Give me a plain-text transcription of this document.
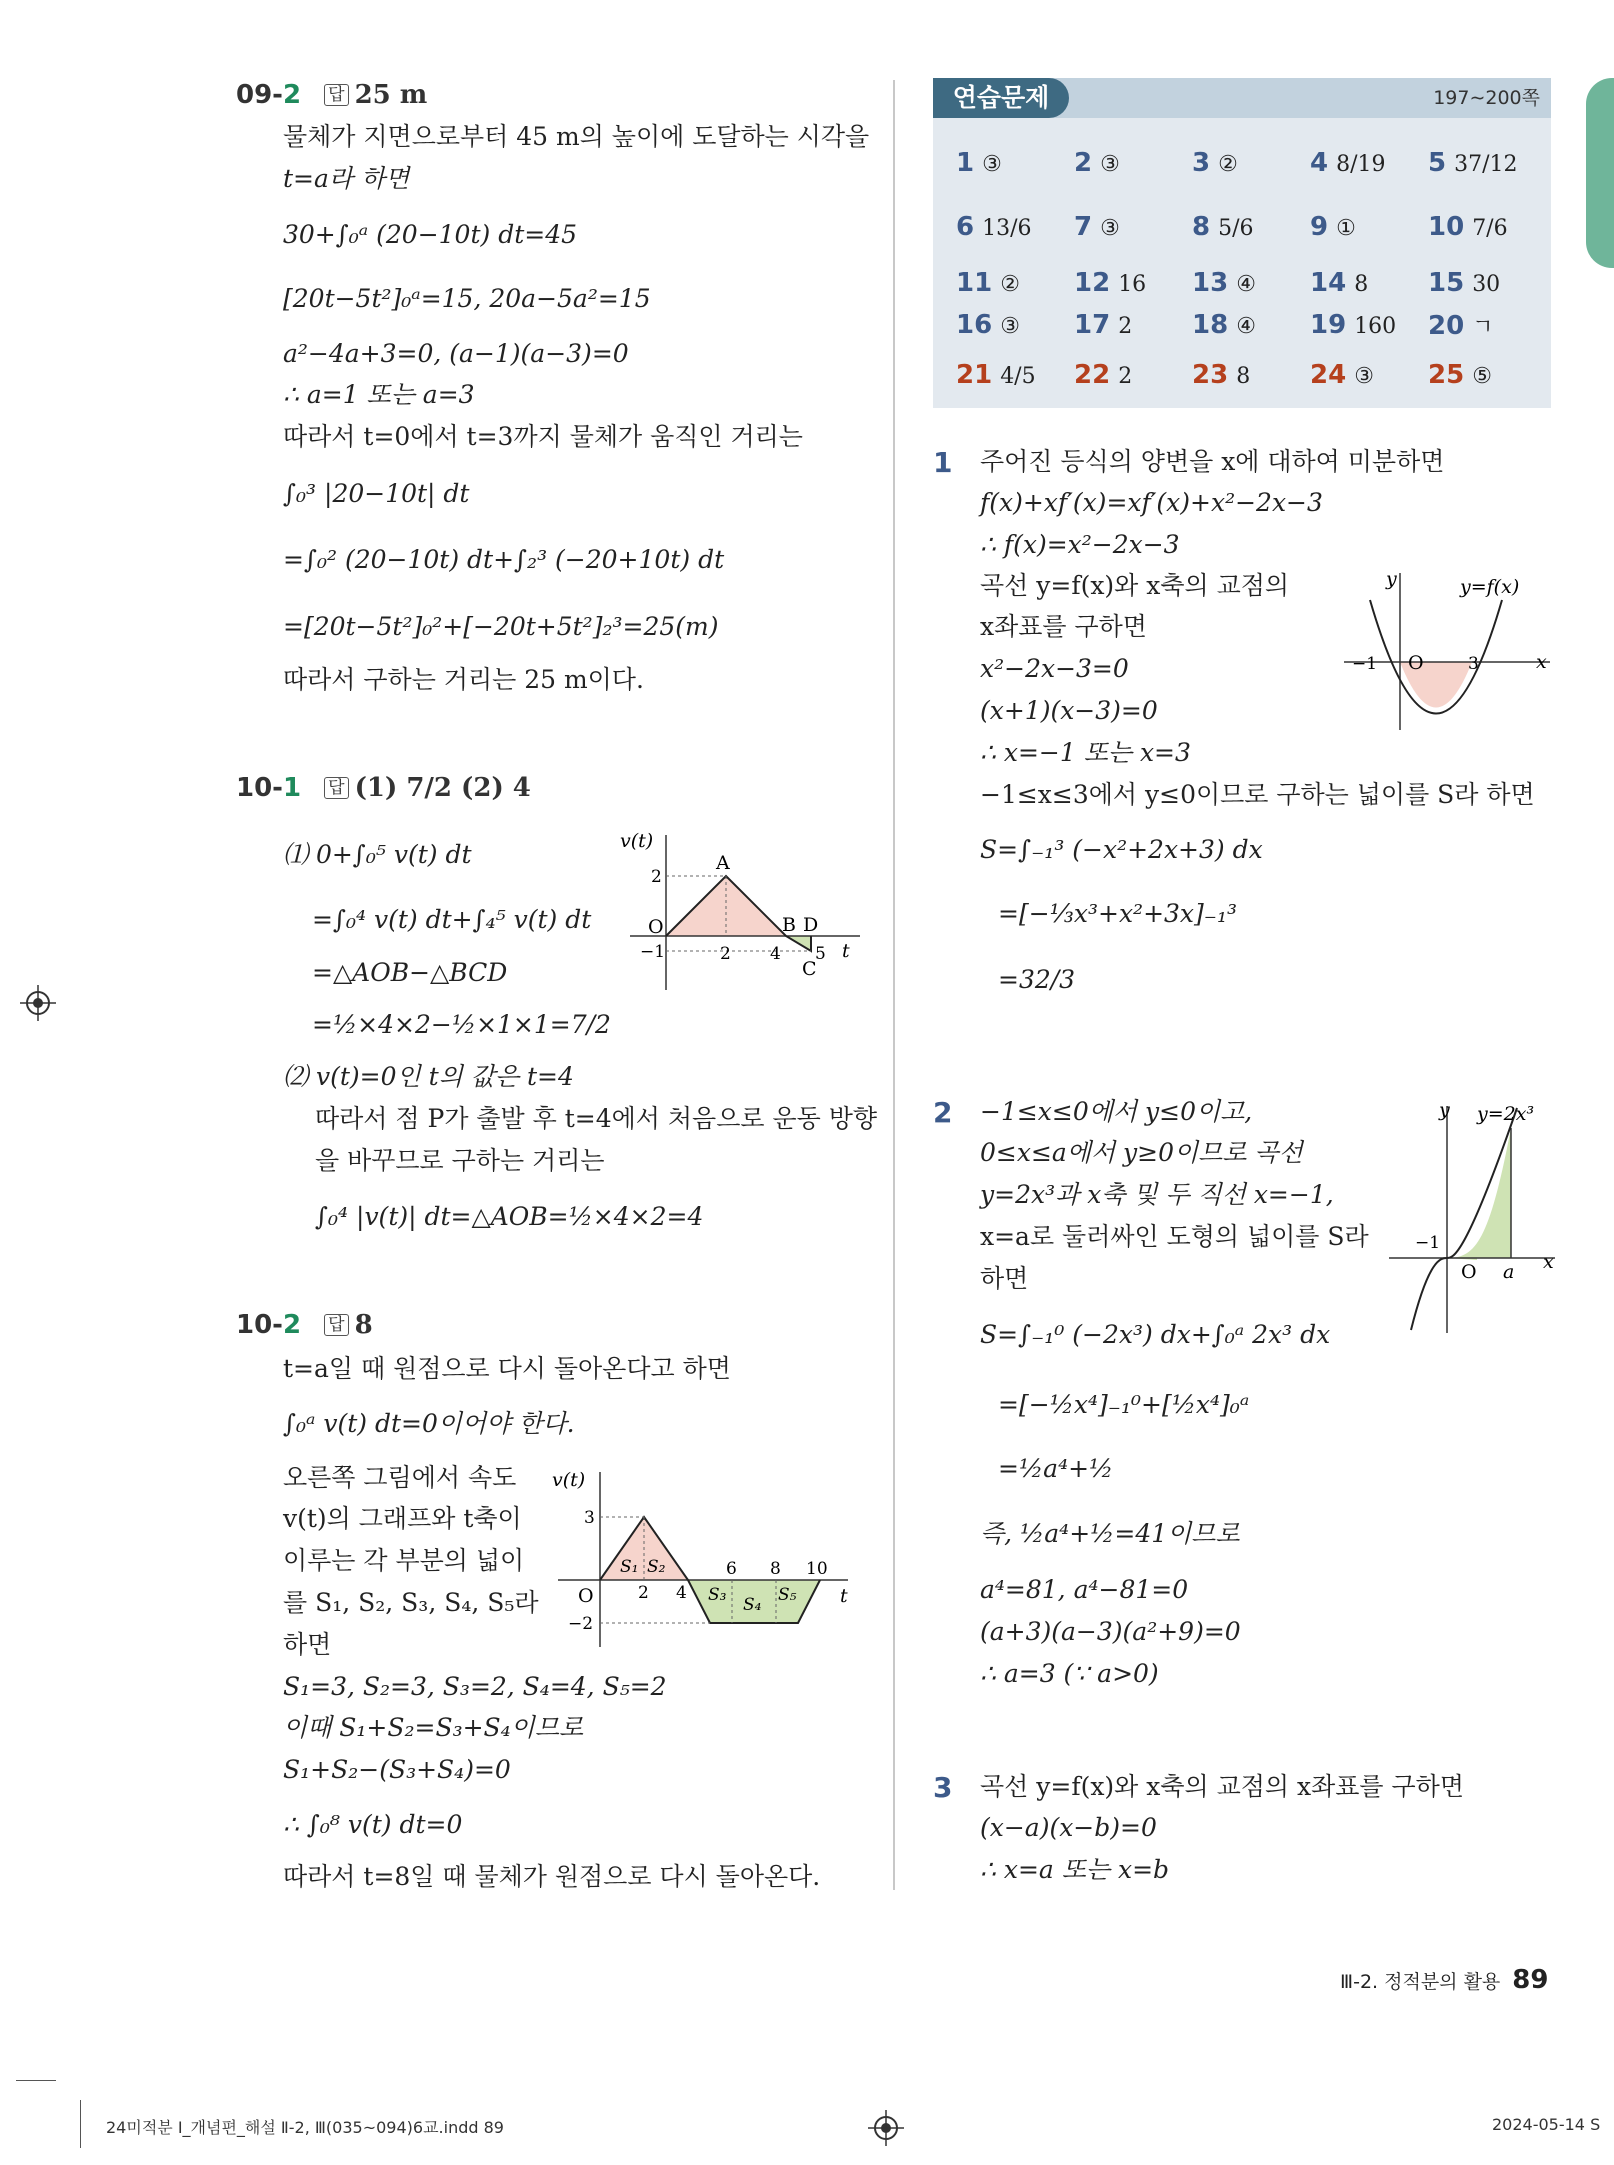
09-2 답 25 m
물체가 지면으로부터 45 m의 높이에 도달하는 시각을
t=a라 하면
30+∫₀ᵃ (20−10t) dt=45
[20t−5t²]₀ᵃ=15, 20a−5a²=15
a²−4a+3=0, (a−1)(a−3)=0
∴ a=1 또는 a=3
따라서 t=0에서 t=3까지 물체가 움직인 거리는
∫₀³ |20−10t| dt
=∫₀² (20−10t) dt+∫₂³ (−20+10t) dt
=[20t−5t²]₀²+[−20t+5t²]₂³=25(m)
따라서 구하는 거리는 25 m이다.
10-1 답 (1) 7/2 (2) 4
⑴ 0+∫₀⁵ v(t) dt
=∫₀⁴ v(t) dt+∫₄⁵ v(t) dt
=△AOB−△BCD
=½×4×2−½×1×1=7/2
⑵ v(t)=0인 t의 값은 t=4
따라서 점 P가 출발 후 t=4에서 처음으로 운동 방향
을 바꾸므로 구하는 거리는
∫₀⁴ |v(t)| dt=△AOB=½×4×2=4
v(t)
t
O
A
B
C
D
2 4 5
2
−1
10-2 답 8
t=a일 때 원점으로 다시 돌아온다고 하면
∫₀ᵃ v(t) dt=0이어야 한다.
오른쪽 그림에서 속도
v(t)의 그래프와 t축이
이루는 각 부분의 넓이
를 S₁, S₂, S₃, S₄, S₅라
하면
S₁=3, S₂=3, S₃=2, S₄=4, S₅=2
이때 S₁+S₂=S₃+S₄이므로
S₁+S₂−(S₃+S₄)=0
∴ ∫₀⁸ v(t) dt=0
따라서 t=8일 때 물체가 원점으로 다시 돌아온다.
v(t)
t
O
3
−2
2 4
6 8 10
S₁ S₂
S₃ S₄ S₅
연습문제	197∼200쪽
1 ③	2 ③	3 ②	4 8/19 5 37/12
6 13/6 7 ③	8 5/6 9 ①	10 7/6
11 ② 12 16 13 ④ 14 8 15 30
16 ③ 17 2 18 ④ 19 160 20 ㄱ
21 4/5 22 2 23 8 24 ③ 25 ⑤
1 주어진 등식의 양변을 x에 대하여 미분하면
f(x)+xf′(x)=xf′(x)+x²−2x−3
∴ f(x)=x²−2x−3
곡선 y=f(x)와 x축의 교점의
x좌표를 구하면
x²−2x−3=0
(x+1)(x−3)=0
∴ x=−1 또는 x=3
−1≤x≤3에서 y≤0이므로 구하는 넓이를 S라 하면
S=∫₋₁³ (−x²+2x+3) dx
=[−⅓x³+x²+3x]₋₁³
=32/3
y
x
O
−1	3
y=f(x)
2 −1≤x≤0에서 y≤0이고,
0≤x≤a에서 y≥0이므로 곡선
y=2x³과 x축 및 두 직선 x=−1,
x=a로 둘러싸인 도형의 넓이를 S라
하면
S=∫₋₁⁰ (−2x³) dx+∫₀ᵃ 2x³ dx
=[−½x⁴]₋₁⁰+[½x⁴]₀ᵃ
=½a⁴+½
즉, ½a⁴+½=41이므로
a⁴=81, a⁴−81=0
(a+3)(a−3)(a²+9)=0
∴ a=3 (∵ a>0)
y
x
O
−1
a
y=2x³
3 곡선 y=f(x)와 x축의 교점의 x좌표를 구하면
(x−a)(x−b)=0
∴ x=a 또는 x=b
Ⅲ-2. 정적분의 활용 89
24미적분 Ⅰ_개념편_해설 Ⅱ-2, Ⅲ(035~094)6교.indd 89	2024-05-14 S
